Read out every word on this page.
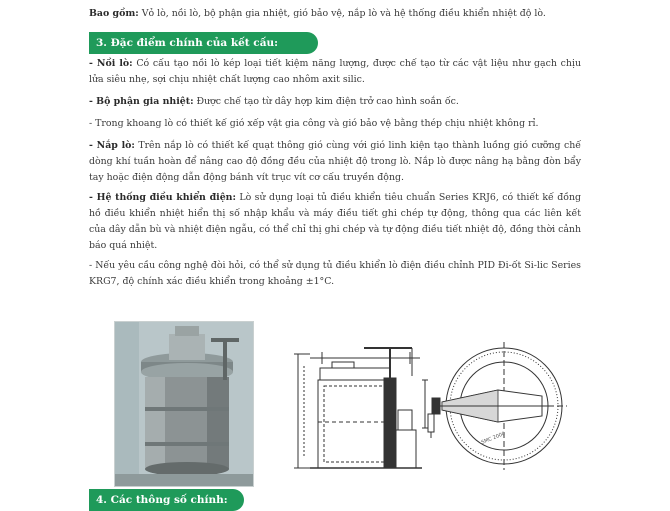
Bao gồm: Vỏ lò, nồi lò, bộ phận gia nhiệt, gió bảo vệ, nắp lò và hệ thống điều khiển nhiệt độ lò.

3. Đặc điểm chính của kết cấu:

- Nồi lò: Có cấu tạo nồi lò kép loại tiết kiệm năng lượng, được chế tạo từ các vật liệu như gạch chịu lửa siêu nhẹ, sợi chịu nhiệt chất lượng cao nhôm axit silic.

- Bộ phận gia nhiệt: Được chế tạo từ dây hợp kim điện trở cao hình soắn ốc.

- Trong khoang lò có thiết kế gió xếp vật gia công và gió bảo vệ bằng thép chịu nhiệt không rỉ.

- Nắp lò: Trên nắp lò có thiết kế quạt thông gió cùng với gió linh kiện tạo thành luồng gió cưỡng chế dòng khí tuần hoàn để nâng cao độ đồng đều của nhiệt độ trong lò. Nắp lò được nâng hạ bằng đòn bẩy tay hoặc điện động dẫn động bánh vít trục vít cơ cấu truyền động.

- Hệ thống điều khiển điện: Lò sử dụng loại tủ điều khiển tiêu chuẩn Series KRJ6, có thiết kế đồng hồ điều khiển nhiệt hiển thị số nhập khẩu và máy điều tiết ghi chép tự động, thông qua các liên kết của dây dẫn bù và nhiệt điện ngẫu, có thể chỉ thị ghi chép và tự động điều tiết nhiệt độ, đồng thời cảnh báo quá nhiệt.

- Nếu yêu cầu công nghệ đòi hỏi, có thể sử dụng tủ điều khiển lò điện điều chỉnh PID Đi-ốt Si-lic Series KRG7, độ chính xác điều khiển trong khoảng ±1°C.

SMC 2000
4. Các thông số chính:
